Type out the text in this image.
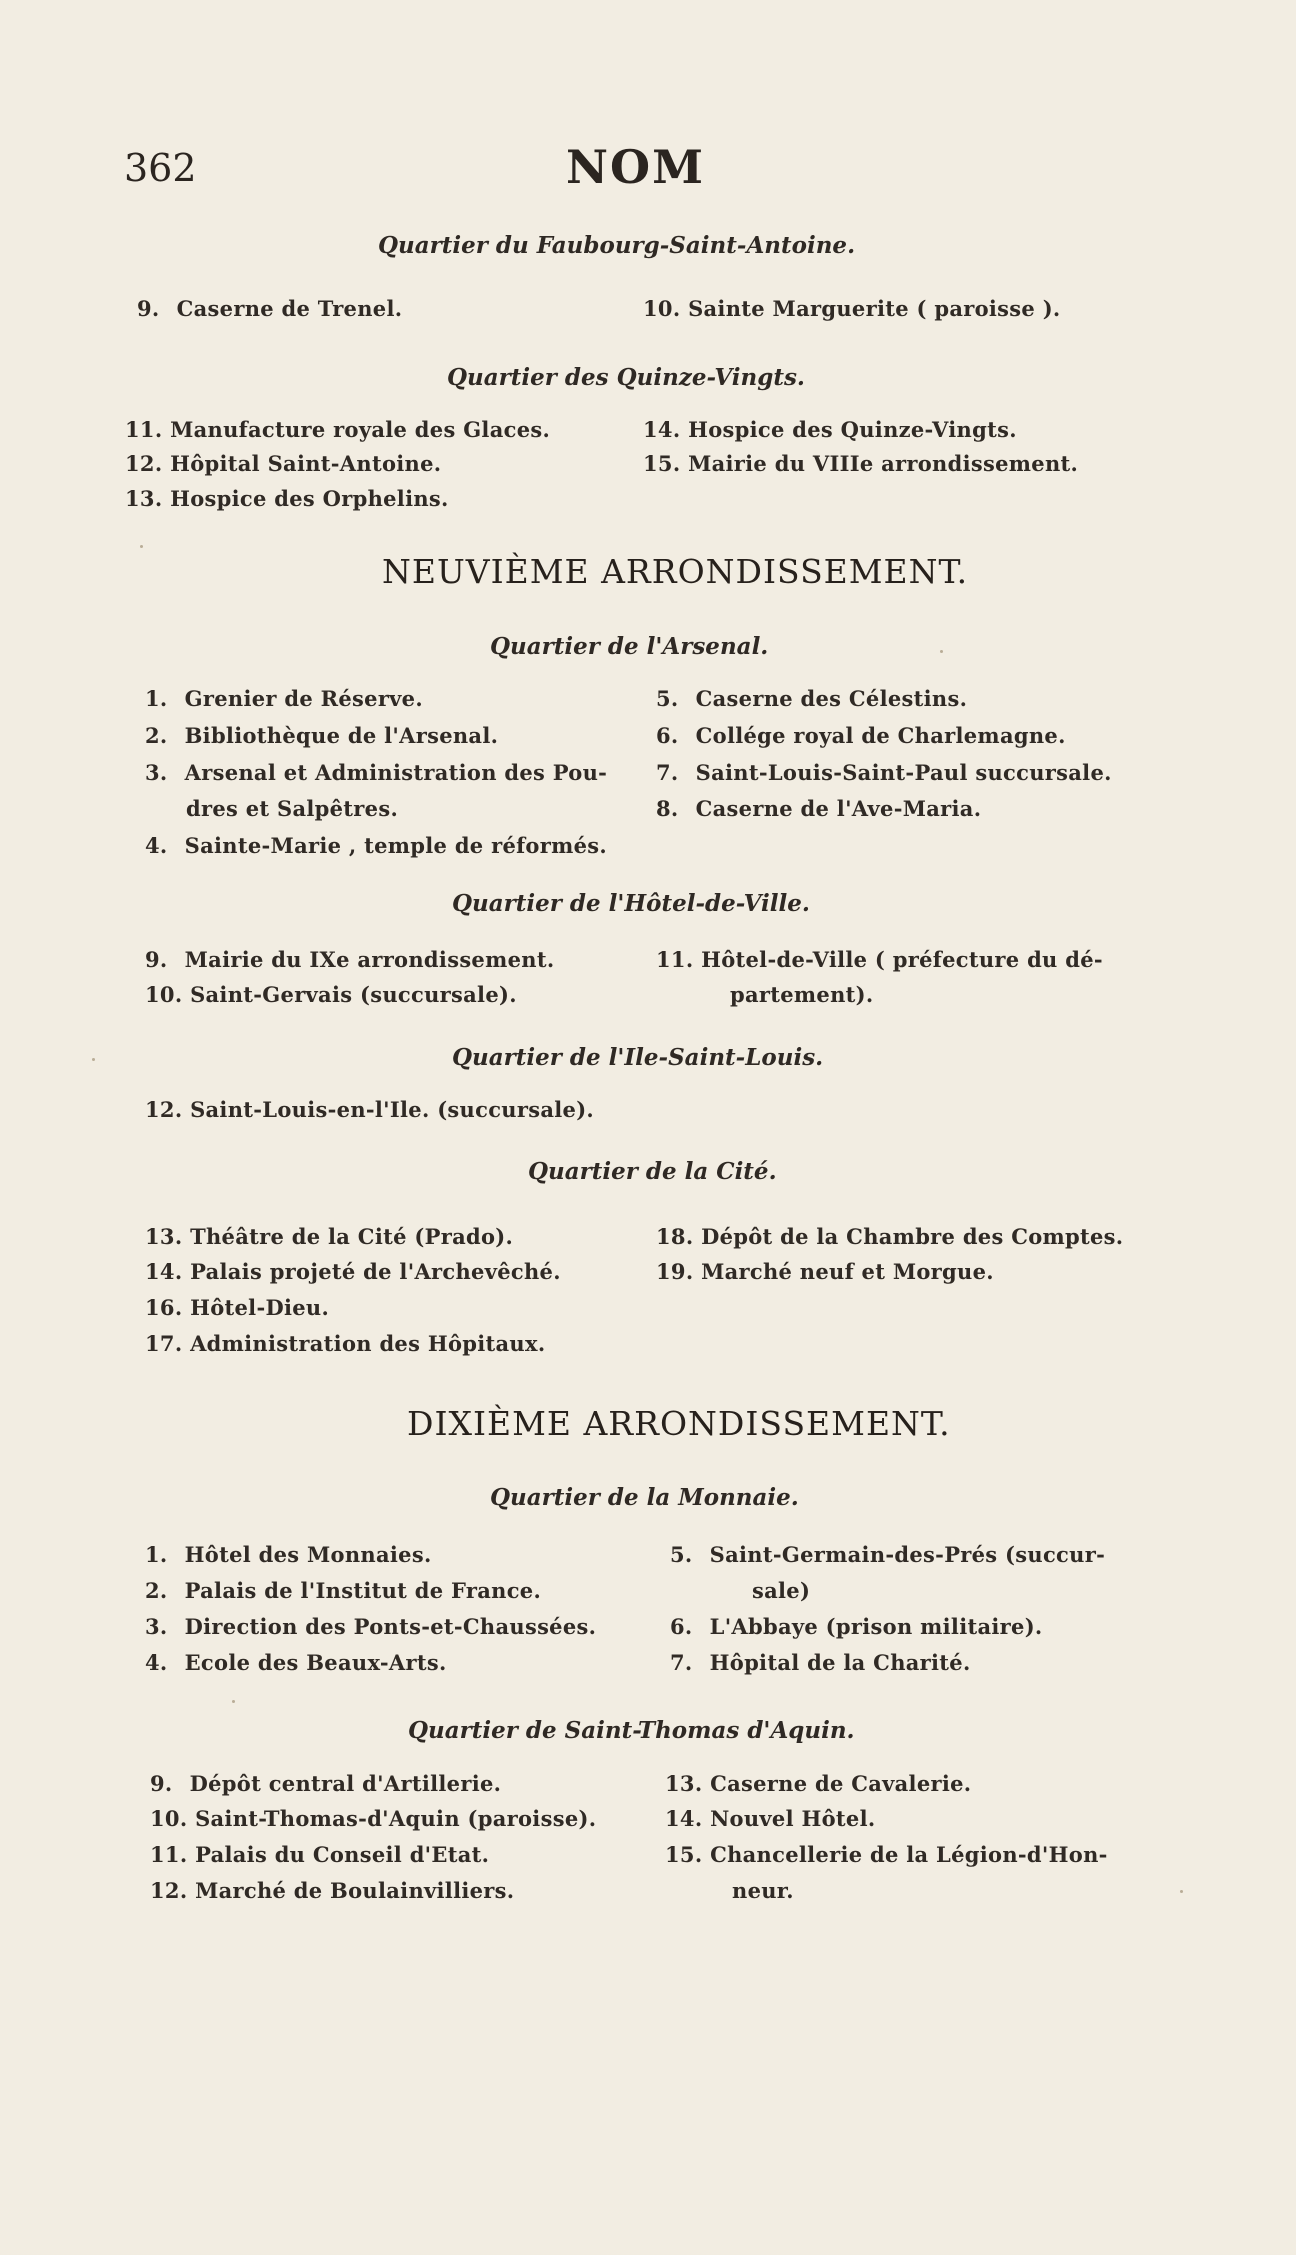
362	NOM
Quartier du Faubourg-Saint-Antoine.
9. Caserne de Trenel.	10. Sainte Marguerite ( paroisse ).
Quartier des Quinze-Vingts.
11. Manufacture royale des Glaces.
12. Hôpital Saint-Antoine.
13. Hospice des Orphelins.
14. Hospice des Quinze-Vingts.
15. Mairie du VIIIe arrondissement.
NEUVIÈME ARRONDISSEMENT.
Quartier de l'Arsenal.
1. Grenier de Réserve.
2. Bibliothèque de l'Arsenal.
3. Arsenal et Administration des Pou-
dres et Salpêtres.
4. Sainte-Marie , temple de réformés.
5. Caserne des Célestins.
6. Collége royal de Charlemagne.
7. Saint-Louis-Saint-Paul succursale.
8. Caserne de l'Ave-Maria.
Quartier de l'Hôtel-de-Ville.
9. Mairie du IXe arrondissement.
10. Saint-Gervais (succursale).
11. Hôtel-de-Ville ( préfecture du dé-
partement).
Quartier de l'Ile-Saint-Louis.
12. Saint-Louis-en-l'Ile. (succursale).
Quartier de la Cité.
13. Théâtre de la Cité (Prado).
14. Palais projeté de l'Archevêché.
16. Hôtel-Dieu.
17. Administration des Hôpitaux.
18. Dépôt de la Chambre des Comptes.
19. Marché neuf et Morgue.
DIXIÈME ARRONDISSEMENT.
Quartier de la Monnaie.
1. Hôtel des Monnaies.
2. Palais de l'Institut de France.
3. Direction des Ponts-et-Chaussées.
4. Ecole des Beaux-Arts.
5. Saint-Germain-des-Prés (succur-
sale)
6. L'Abbaye (prison militaire).
7. Hôpital de la Charité.
Quartier de Saint-Thomas d'Aquin.
9. Dépôt central d'Artillerie.
10. Saint-Thomas-d'Aquin (paroisse).
11. Palais du Conseil d'Etat.
12. Marché de Boulainvilliers.
13. Caserne de Cavalerie.
14. Nouvel Hôtel.
15. Chancellerie de la Légion-d'Hon-
neur.
